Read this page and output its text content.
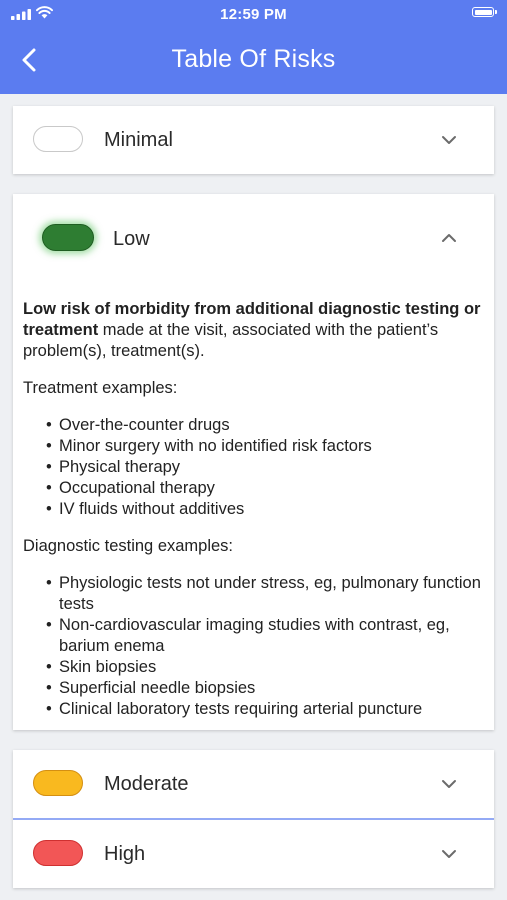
12:59 PM
Table Of Risks
Minimal
Low

Low risk of morbidity from additional diagnostic testing or treatment made at the visit, associated with the patient’s problem(s), treatment(s).

Treatment examples:

• Over-the-counter drugs
• Minor surgery with no identified risk factors
• Physical therapy
• Occupational therapy
• IV fluids without additives

Diagnostic testing examples:

• Physiologic tests not under stress, eg, pulmonary function tests
• Non-cardiovascular imaging studies with contrast, eg, barium enema
• Skin biopsies
• Superficial needle biopsies
• Clinical laboratory tests requiring arterial puncture
Moderate
High
